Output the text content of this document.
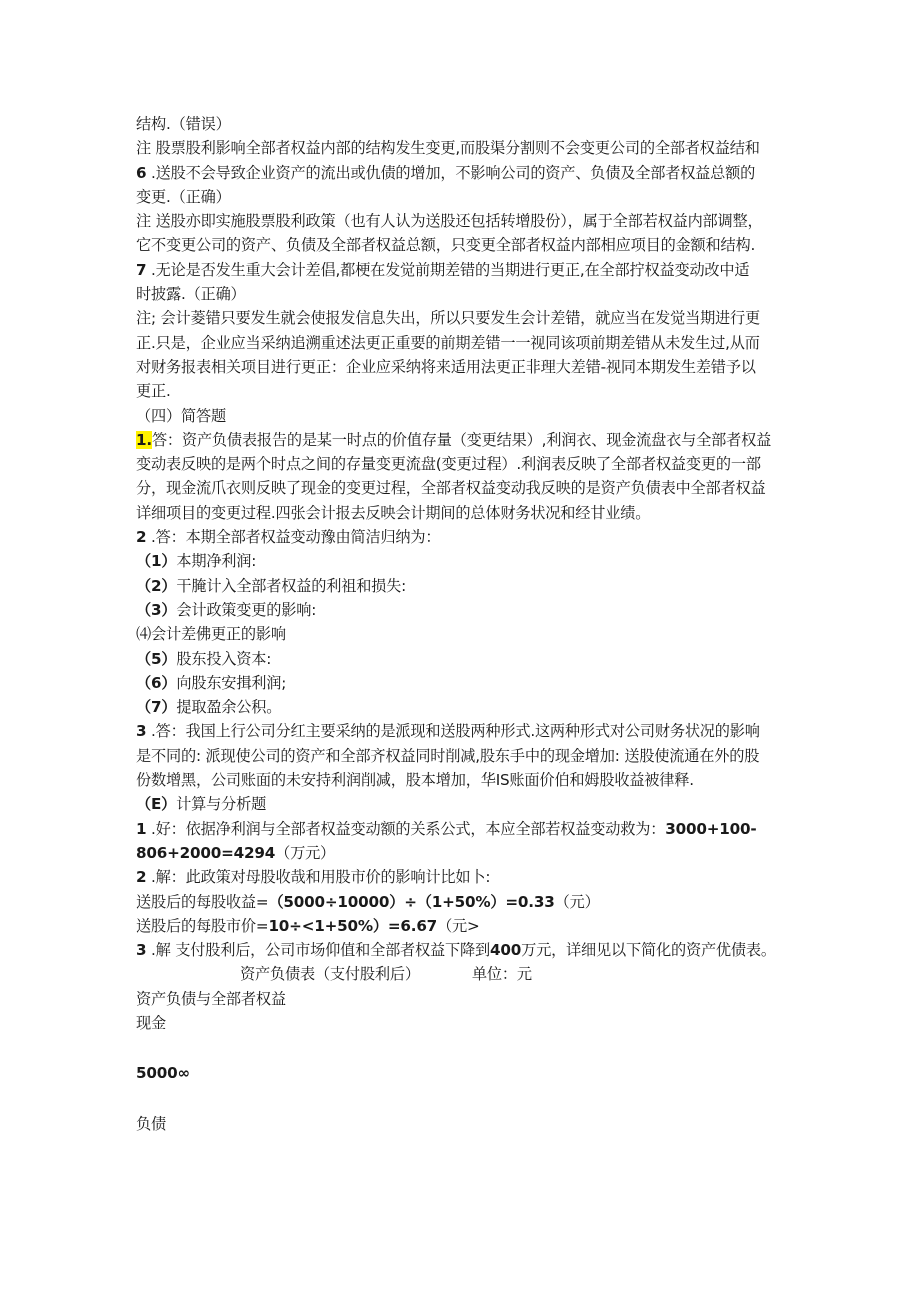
结构.（错误）
注 股票股利影响全部者权益内部的结构发生变更,而股渠分割则不会变更公司的全部者权益结和
6 .送股不会导致企业资产的流出或仇债的增加，不影响公司的资产、负债及全部者权益总额的
变更.（正确）
注 送股亦即实施股票股利政策（也有人认为送股还包括转增股份），属于全部若权益内部调整，
它不变更公司的资产、负债及全部者权益总额，只变更全部者权益内部相应项目的金额和结构.
7 .无论是否发生重大会计差倡,都梗在发觉前期差错的当期进行更正,在全部拧权益变动改中适
时披露.（正确）
注; 会计菱错只要发生就会使报发信息失出，所以只要发生会计差错，就应当在发觉当期进行更
正.只是，企业应当采纳追溯重述法更正重要的前期差错一一视同该项前期差错从未发生过,从而
对财务报表相关项目进行更正：企业应采纳将来适用法更正非理大差错-视同本期发生差错予以
更正.
（四）简答题
1.答：资产负债表报告的是某一时点的价值存量（变更结果）,利润衣、现金流盘衣与全部者权益
变动表反映的是两个时点之间的存量变更流盘(变更过程）.利润表反映了全部者权益变更的一部
分，现金流爪衣则反映了现金的变更过程，全部者权益变动我反映的是资产负债表中全部者权益
详细项目的变更过程.四张会计报去反映会计期间的总体财务状况和经甘业绩。
2 .答：本期全部者权益变动豫由简洁归纳为：
（1）本期净利润:
（2）干腌计入全部者权益的利祖和损失:
（3）会计政策变更的影响:
⑷会计差佛更正的影响
（5）股东投入资本:
（6）向股东安揖利润;
（7）提取盈余公积。
3 .答：我国上行公司分红主要采纳的是派现和送股两种形式.这两种形式对公司财务状况的影响
是不同的: 派现使公司的资产和全部齐权益同时削减,股东手中的现金增加: 送股使流通在外的股
份数增黑，公司账面的未安持利润削减，股本增加，华IS账面价伯和姆股收益被律释.
（E）计算与分析题
1 .好：依据净利润与全部者权益变动额的关系公式，本应全部若权益变动救为：3000+100-
806+2000=4294（万元）
2 .解：此政策对母股收哉和用股市价的影响计比如卜:
送股后的每股收益=（5000÷10000）÷（1+50%）=0.33（元）
送股后的每股市价=10÷<1+50%）=6.67（元>
3 .解 支付股利后，公司市场仰值和全部者权益下降到400万元，详细见以下简化的资产优债表。
资产负债表（支付股利后）	单位：元
资产负债与全部者权益
现金
5000∞
负债
